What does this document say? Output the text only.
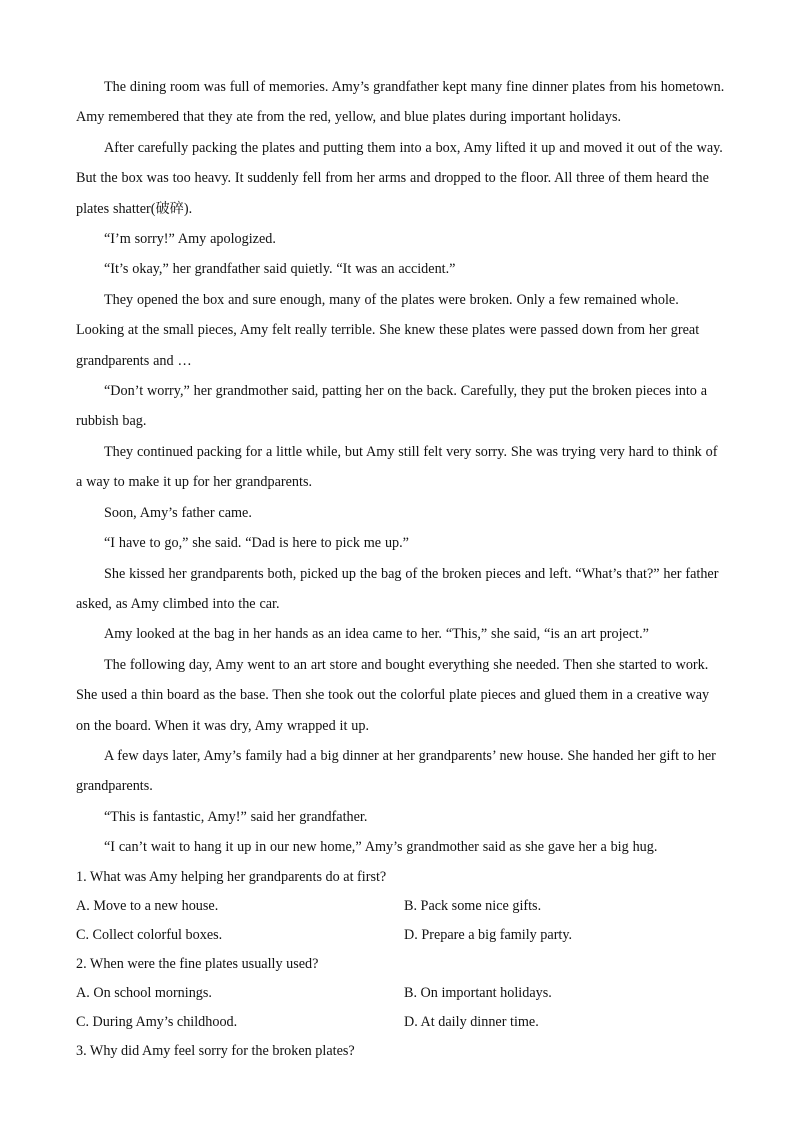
The dining room was full of memories. Amy’s grandfather kept many fine dinner plates from his hometown. Amy remembered that they ate from the red, yellow, and blue plates during important holidays.

After carefully packing the plates and putting them into a box, Amy lifted it up and moved it out of the way. But the box was too heavy. It suddenly fell from her arms and dropped to the floor. All three of them heard the plates shatter(破碎).

“I’m sorry!” Amy apologized.

“It’s okay,” her grandfather said quietly. “It was an accident.”

They opened the box and sure enough, many of the plates were broken. Only a few remained whole. Looking at the small pieces, Amy felt really terrible. She knew these plates were passed down from her great grandparents and …

“Don’t worry,” her grandmother said, patting her on the back. Carefully, they put the broken pieces into a rubbish bag.

They continued packing for a little while, but Amy still felt very sorry. She was trying very hard to think of a way to make it up for her grandparents.

Soon, Amy’s father came.

“I have to go,” she said. “Dad is here to pick me up.”

She kissed her grandparents both, picked up the bag of the broken pieces and left. “What’s that?” her father asked, as Amy climbed into the car.

Amy looked at the bag in her hands as an idea came to her. “This,” she said, “is an art project.”

The following day, Amy went to an art store and bought everything she needed. Then she started to work. She used a thin board as the base. Then she took out the colorful plate pieces and glued them in a creative way on the board. When it was dry, Amy wrapped it up.

A few days later, Amy’s family had a big dinner at her grandparents’ new house. She handed her gift to her grandparents.

“This is fantastic, Amy!” said her grandfather.

“I can’t wait to hang it up in our new home,” Amy’s grandmother said as she gave her a big hug.

1. What was Amy helping her grandparents do at first?

A. Move to a new house.	B. Pack some nice gifts.

C. Collect colorful boxes.	D. Prepare a big family party.

2. When were the fine plates usually used?

A. On school mornings.	B. On important holidays.

C. During Amy’s childhood.	D. At daily dinner time.

3. Why did Amy feel sorry for the broken plates?
